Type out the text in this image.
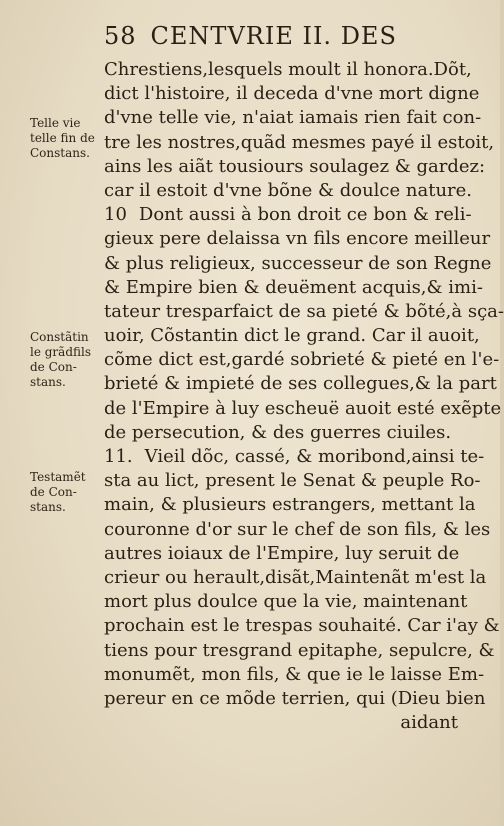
58 CENTVRIE II. DES
Telle vie
telle fin de
Constans.
Constãtin
le grãdfils
de Con-
stans.
Testamẽt
de Con-
stans.
Chrestiens,lesquels moult il honora.Dõt,
dict l'histoire, il deceda d'vne mort digne
d'vne telle vie, n'aiat iamais rien fait con-
tre les nostres,quãd mesmes payé il estoit,
ains les aiãt tousiours soulagez & gardez:
car il estoit d'vne bõne & doulce nature.
10 Dont aussi à bon droit ce bon & reli-
gieux pere delaissa vn fils encore meilleur
& plus religieux, successeur de son Regne
& Empire bien & deuëment acquis,& imi-
tateur tresparfaict de sa pieté & bõté,à sça-
uoir, Cõstantin dict le grand. Car il auoit,
cõme dict est,gardé sobrieté & pieté en l'e-
brieté & impieté de ses collegues,& la part
de l'Empire à luy escheuë auoit esté exẽpte
de persecution, & des guerres ciuiles.
11. Vieil dõc, cassé, & moribond,ainsi te-
sta au lict, present le Senat & peuple Ro-
main, & plusieurs estrangers, mettant la
couronne d'or sur le chef de son fils, & les
autres ioiaux de l'Empire, luy seruit de
crieur ou herault,disãt,Maintenãt m'est la
mort plus doulce que la vie, maintenant
prochain est le trespas souhaité. Car i'ay &
tiens pour tresgrand epitaphe, sepulcre, &
monumẽt, mon fils, & que ie le laisse Em-
pereur en ce mõde terrien, qui (Dieu bien
aidant
